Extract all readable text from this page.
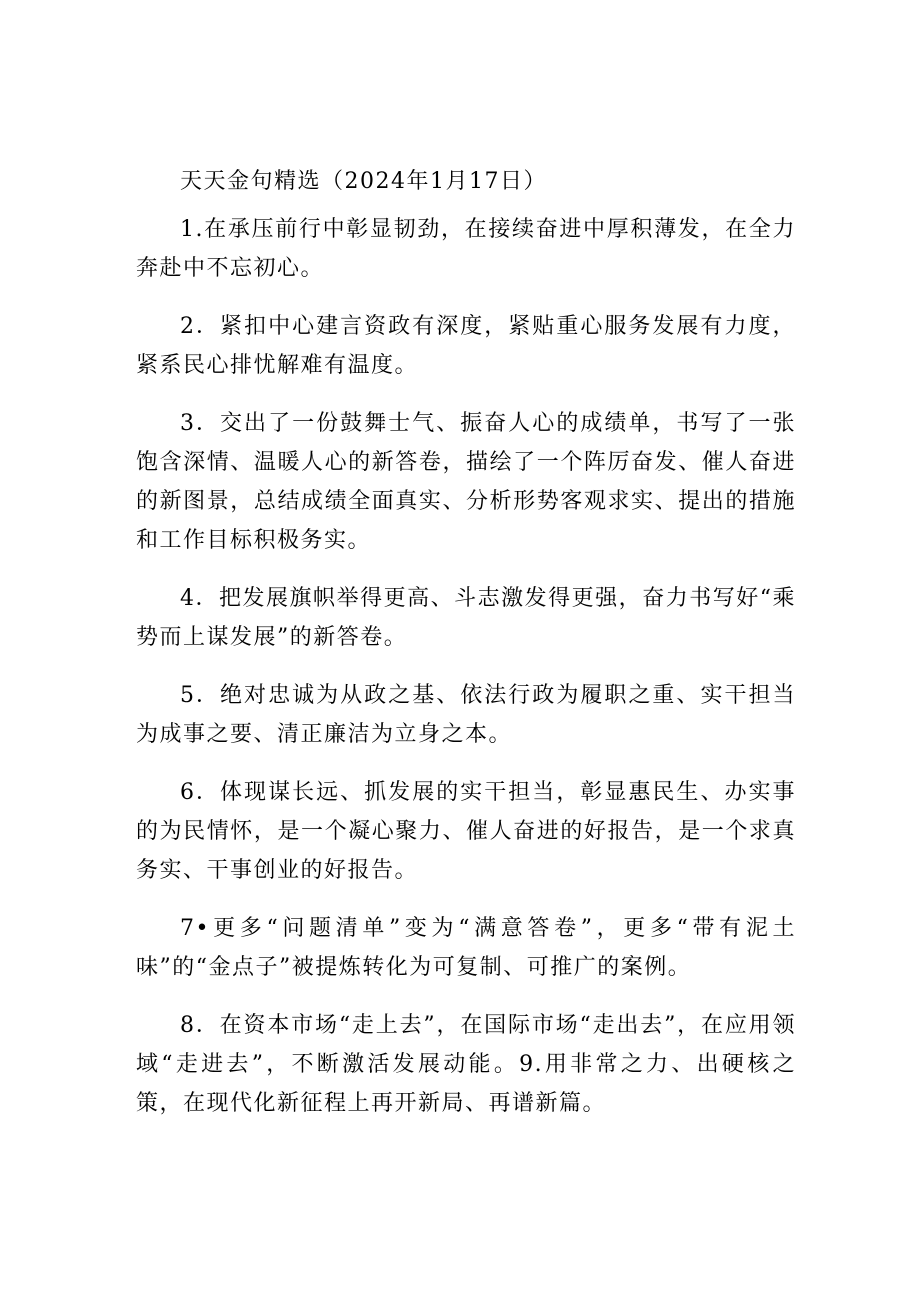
天天金句精选（2024年1月17日）

1.在承压前行中彰显韧劲，在接续奋进中厚积薄发，在全力奔赴中不忘初心。

2．紧扣中心建言资政有深度，紧贴重心服务发展有力度，紧系民心排忧解难有温度。

3．交出了一份鼓舞士气、振奋人心的成绩单，书写了一张饱含深情、温暖人心的新答卷，描绘了一个阵厉奋发、催人奋进的新图景，总结成绩全面真实、分析形势客观求实、提出的措施和工作目标积极务实。

4．把发展旗帜举得更高、斗志激发得更强，奋力书写好“乘势而上谋发展”的新答卷。

5．绝对忠诚为从政之基、依法行政为履职之重、实干担当为成事之要、清正廉洁为立身之本。

6．体现谋长远、抓发展的实干担当，彰显惠民生、办实事的为民情怀，是一个凝心聚力、催人奋进的好报告，是一个求真务实、干事创业的好报告。

7•更多“问题清单”变为“满意答卷”，更多“带有泥土味”的“金点子”被提炼转化为可复制、可推广的案例。

8．在资本市场“走上去”，在国际市场“走出去”，在应用领域“走进去”，不断激活发展动能。9.用非常之力、出硬核之策，在现代化新征程上再开新局、再谱新篇。
